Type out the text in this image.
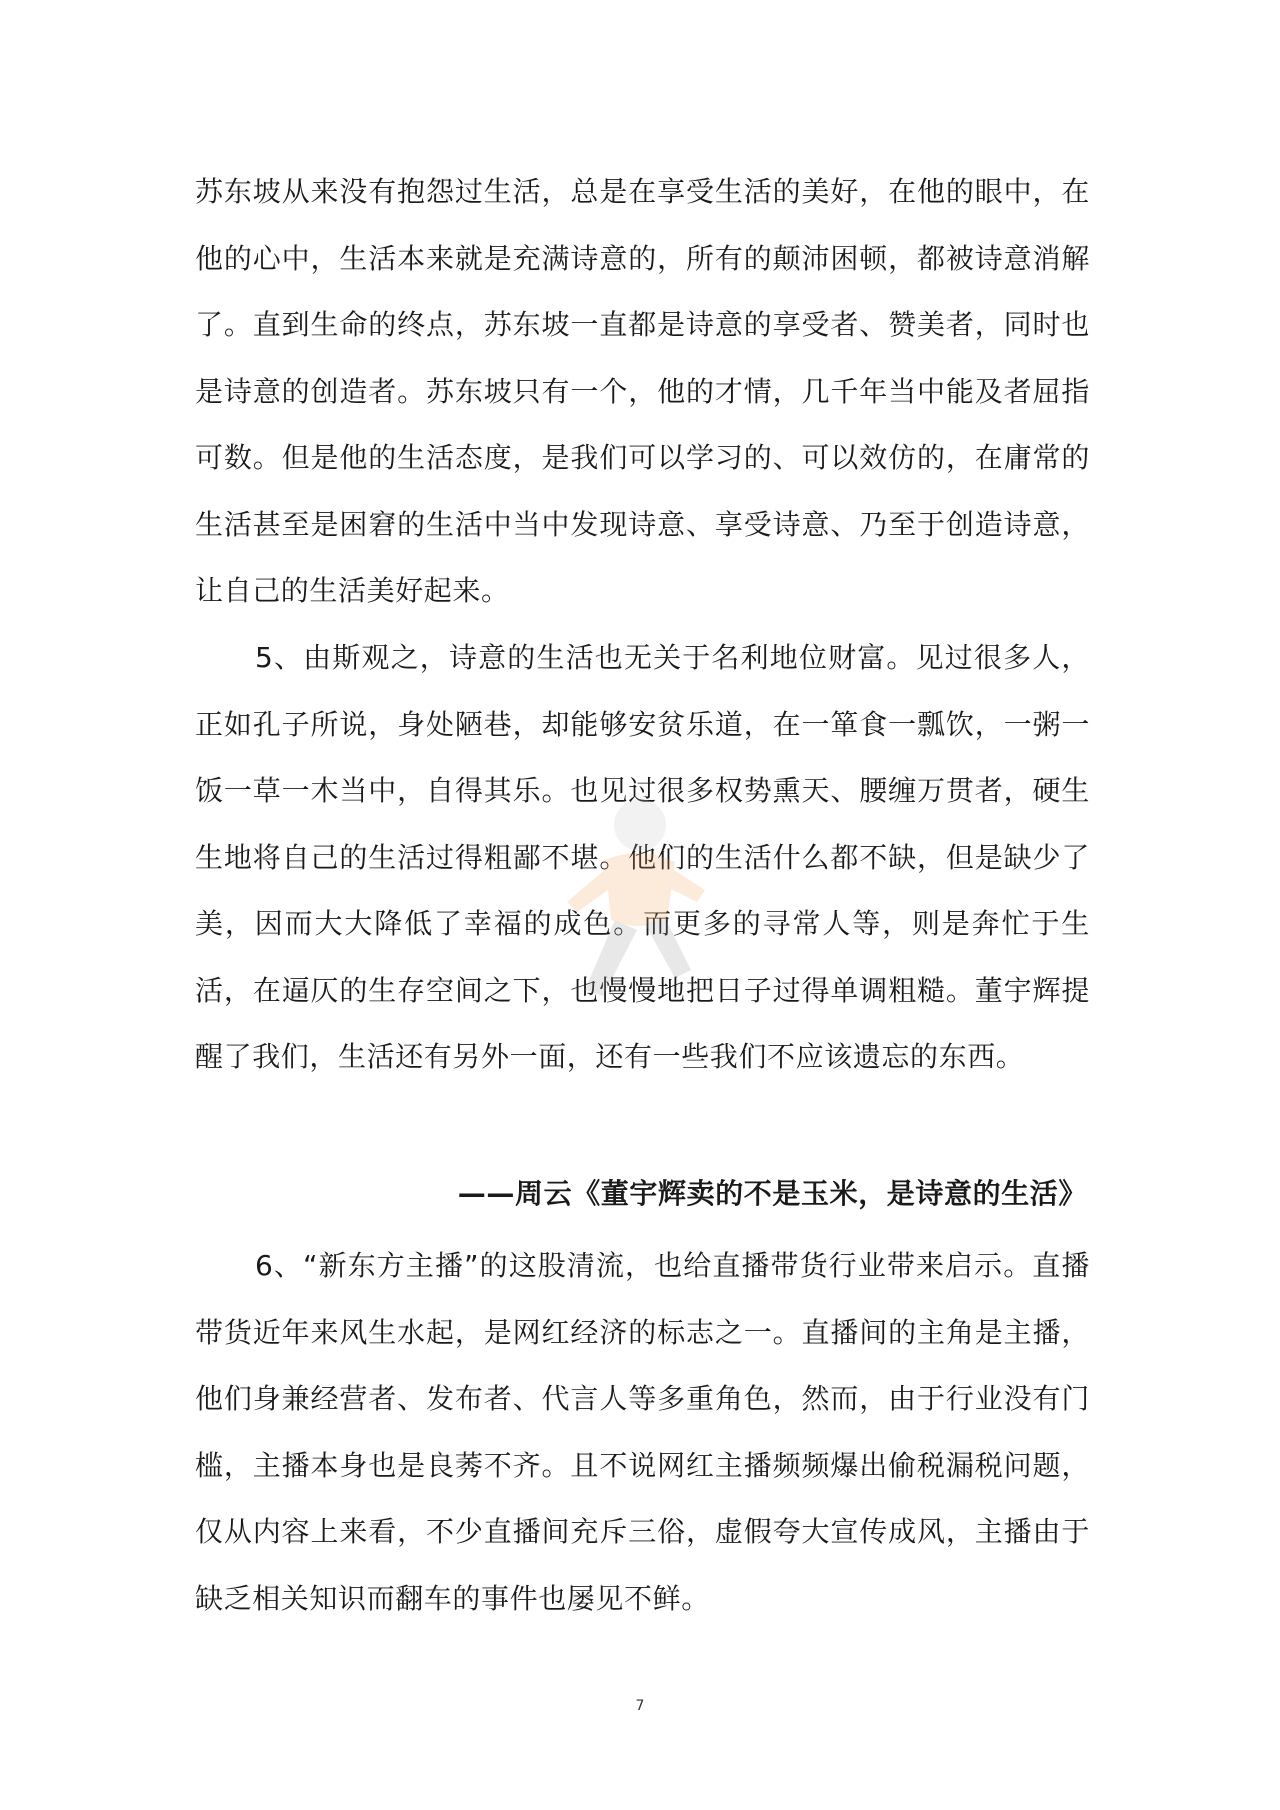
苏东坡从来没有抱怨过生活，总是在享受生活的美好，在他的眼中，在他的心中，生活本来就是充满诗意的，所有的颠沛困顿，都被诗意消解了。直到生命的终点，苏东坡一直都是诗意的享受者、赞美者，同时也是诗意的创造者。苏东坡只有一个，他的才情，几千年当中能及者屈指可数。但是他的生活态度，是我们可以学习的、可以效仿的，在庸常的生活甚至是困窘的生活中当中发现诗意、享受诗意、乃至于创造诗意，让自己的生活美好起来。
5、由斯观之，诗意的生活也无关于名利地位财富。见过很多人，正如孔子所说，身处陋巷，却能够安贫乐道，在一箪食一瓢饮，一粥一饭一草一木当中，自得其乐。也见过很多权势熏天、腰缠万贯者，硬生生地将自己的生活过得粗鄙不堪。他们的生活什么都不缺，但是缺少了美，因而大大降低了幸福的成色。而更多的寻常人等，则是奔忙于生活，在逼仄的生存空间之下，也慢慢地把日子过得单调粗糙。董宇辉提醒了我们，生活还有另外一面，还有一些我们不应该遗忘的东西。
——周云《董宇辉卖的不是玉米，是诗意的生活》
6、“新东方主播”的这股清流，也给直播带货行业带来启示。直播带货近年来风生水起，是网红经济的标志之一。直播间的主角是主播，他们身兼经营者、发布者、代言人等多重角色，然而，由于行业没有门槛，主播本身也是良莠不齐。且不说网红主播频频爆出偷税漏税问题，仅从内容上来看，不少直播间充斥三俗，虚假夸大宣传成风，主播由于缺乏相关知识而翻车的事件也屡见不鲜。
7
